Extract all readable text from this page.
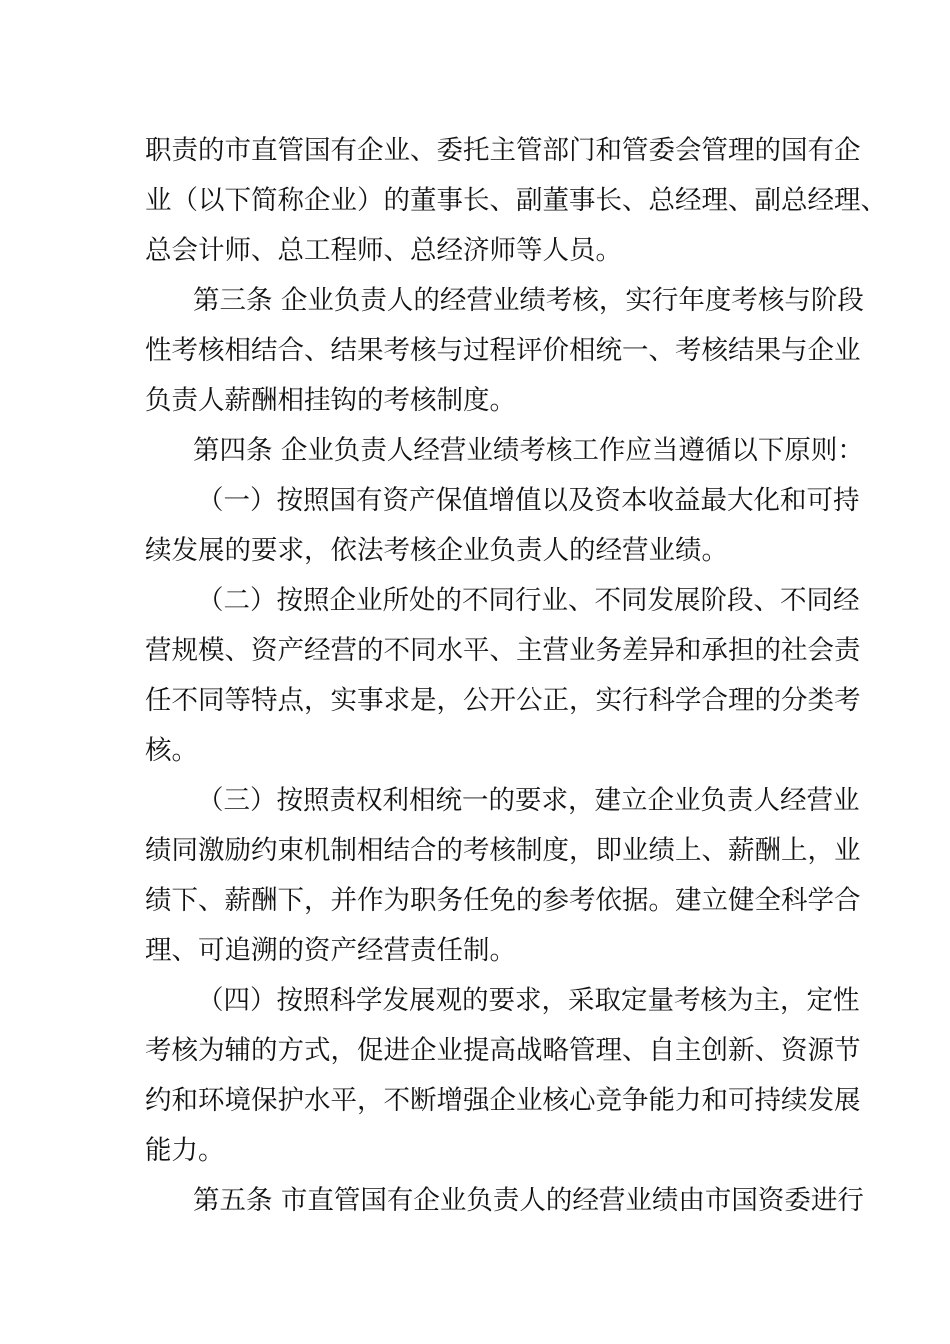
职责的市直管国有企业、委托主管部门和管委会管理的国有企
业（以下简称企业）的董事长、副董事长、总经理、副总经理、
总会计师、总工程师、总经济师等人员。
第三条 企业负责人的经营业绩考核，实行年度考核与阶段
性考核相结合、结果考核与过程评价相统一、考核结果与企业
负责人薪酬相挂钩的考核制度。
第四条 企业负责人经营业绩考核工作应当遵循以下原则：
（一）按照国有资产保值增值以及资本收益最大化和可持
续发展的要求，依法考核企业负责人的经营业绩。
（二）按照企业所处的不同行业、不同发展阶段、不同经
营规模、资产经营的不同水平、主营业务差异和承担的社会责
任不同等特点，实事求是，公开公正，实行科学合理的分类考
核。
（三）按照责权利相统一的要求，建立企业负责人经营业
绩同激励约束机制相结合的考核制度，即业绩上、薪酬上，业
绩下、薪酬下，并作为职务任免的参考依据。建立健全科学合
理、可追溯的资产经营责任制。
（四）按照科学发展观的要求，采取定量考核为主，定性
考核为辅的方式，促进企业提高战略管理、自主创新、资源节
约和环境保护水平，不断增强企业核心竞争能力和可持续发展
能力。
第五条 市直管国有企业负责人的经营业绩由市国资委进行
